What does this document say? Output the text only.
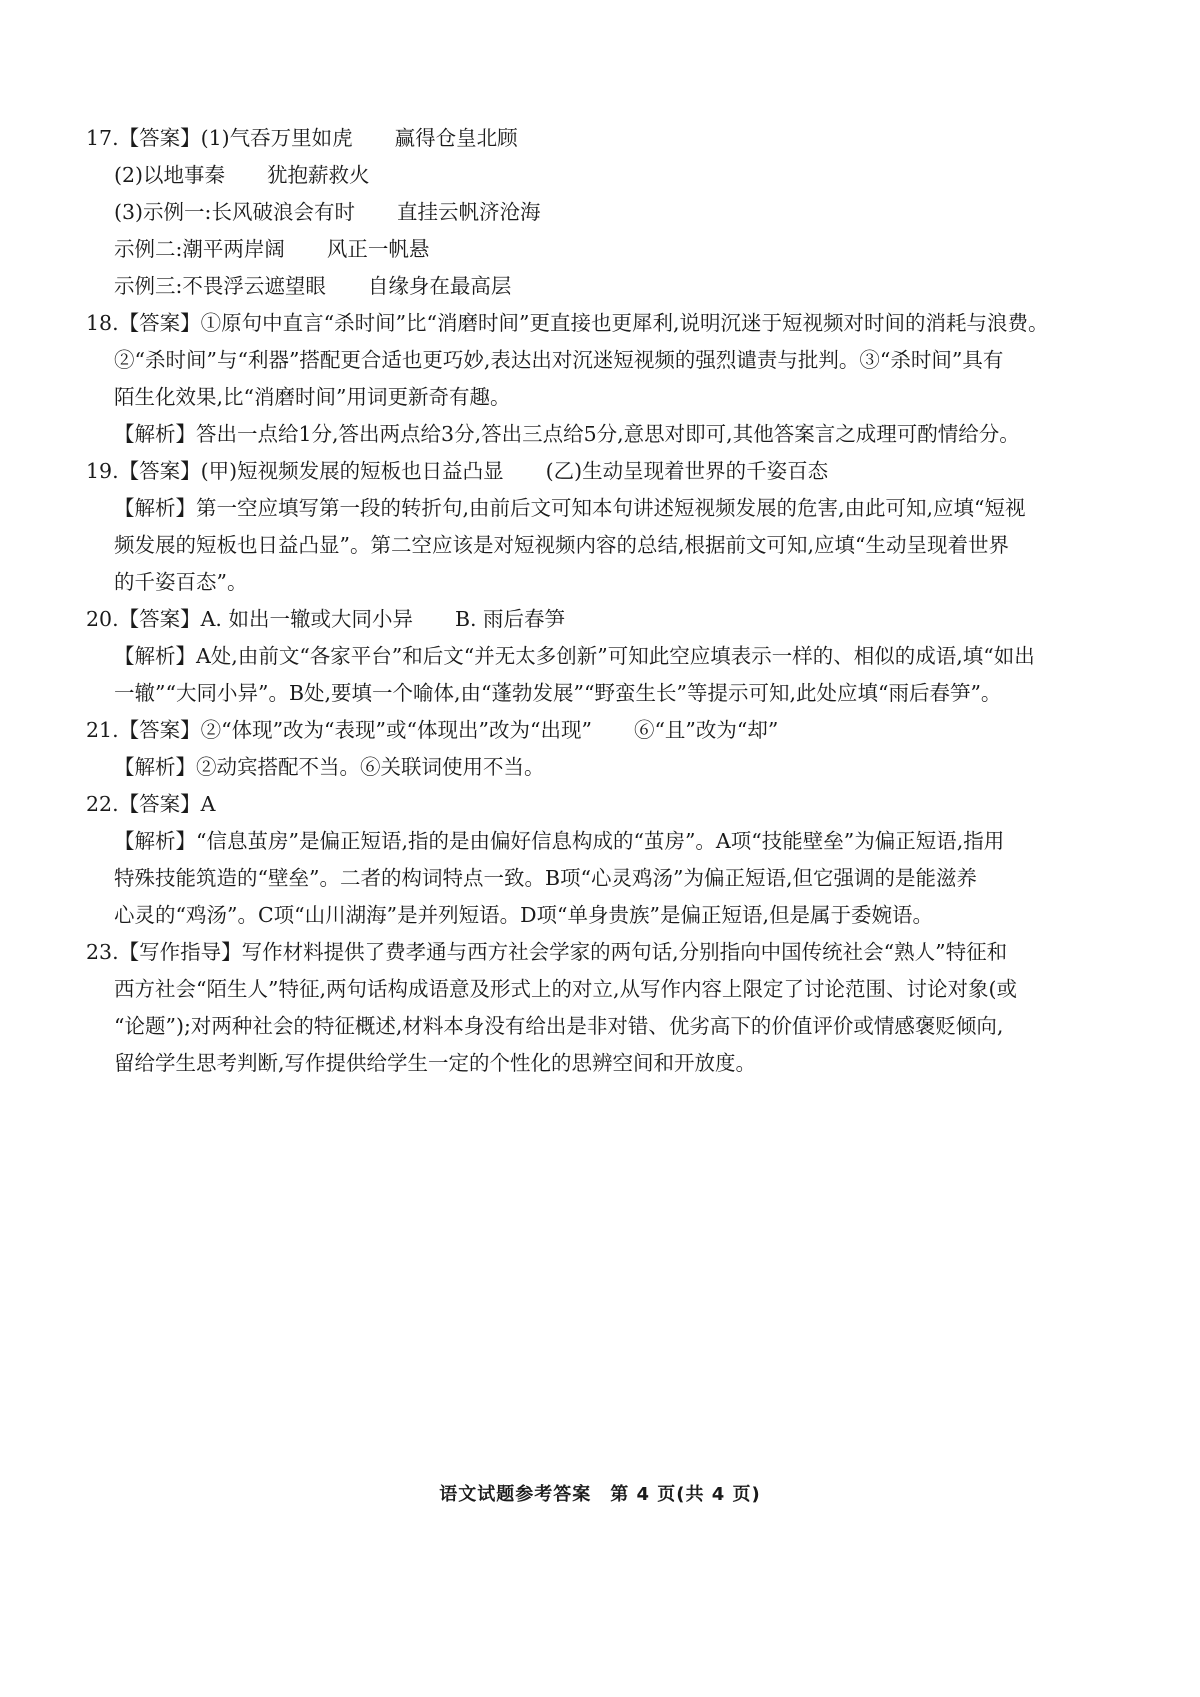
17.【答案】(1)气吞万里如虎 赢得仓皇北顾
(2)以地事秦 犹抱薪救火
(3)示例一:长风破浪会有时 直挂云帆济沧海
示例二:潮平两岸阔 风正一帆悬
示例三:不畏浮云遮望眼 自缘身在最高层
18.【答案】①原句中直言“杀时间”比“消磨时间”更直接也更犀利,说明沉迷于短视频对时间的消耗与浪费。
②“杀时间”与“利器”搭配更合适也更巧妙,表达出对沉迷短视频的强烈谴责与批判。③“杀时间”具有
陌生化效果,比“消磨时间”用词更新奇有趣。
【解析】答出一点给1分,答出两点给3分,答出三点给5分,意思对即可,其他答案言之成理可酌情给分。
19.【答案】(甲)短视频发展的短板也日益凸显 (乙)生动呈现着世界的千姿百态
【解析】第一空应填写第一段的转折句,由前后文可知本句讲述短视频发展的危害,由此可知,应填“短视
频发展的短板也日益凸显”。第二空应该是对短视频内容的总结,根据前文可知,应填“生动呈现着世界
的千姿百态”。
20.【答案】A. 如出一辙或大同小异 B. 雨后春笋
【解析】A处,由前文“各家平台”和后文“并无太多创新”可知此空应填表示一样的、相似的成语,填“如出
一辙”“大同小异”。B处,要填一个喻体,由“蓬勃发展”“野蛮生长”等提示可知,此处应填“雨后春笋”。
21.【答案】②“体现”改为“表现”或“体现出”改为“出现” ⑥“且”改为“却”
【解析】②动宾搭配不当。⑥关联词使用不当。
22.【答案】A
【解析】“信息茧房”是偏正短语,指的是由偏好信息构成的“茧房”。A项“技能壁垒”为偏正短语,指用
特殊技能筑造的“壁垒”。二者的构词特点一致。B项“心灵鸡汤”为偏正短语,但它强调的是能滋养
心灵的“鸡汤”。C项“山川湖海”是并列短语。D项“单身贵族”是偏正短语,但是属于委婉语。
23.【写作指导】写作材料提供了费孝通与西方社会学家的两句话,分别指向中国传统社会“熟人”特征和
西方社会“陌生人”特征,两句话构成语意及形式上的对立,从写作内容上限定了讨论范围、讨论对象(或
“论题”);对两种社会的特征概述,材料本身没有给出是非对错、优劣高下的价值评价或情感褒贬倾向,
留给学生思考判断,写作提供给学生一定的个性化的思辨空间和开放度。
语文试题参考答案　第 4 页(共 4 页)
